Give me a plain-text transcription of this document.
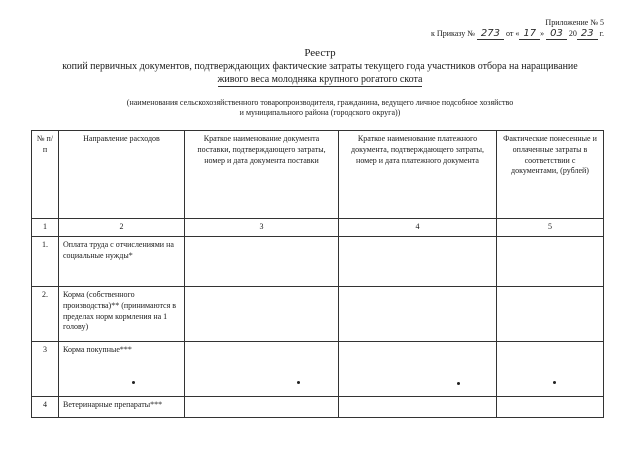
Приложение № 5
к Приказу № 273 от « 17 » 03 20 23 г.
Реестр
копий первичных документов, подтверждающих фактические затраты текущего года участников отбора на наращивание
живого веса молодняка крупного рогатого скота
(наименования сельскохозяйственного товаропроизводителя, гражданина, ведущего личное подсобное хозяйство
и муниципального района (городского округа))
№ п/п	Направление расходов	Краткое наименование документа поставки, подтверждающего затраты, номер и дата документа поставки	Краткое наименование платежного документа, подтверждающего затраты, номер и дата платежного документа	Фактические понесенные и оплаченные затраты в соответствии с документами, (рублей)
1	2	3	4	5
1.	Оплата труда с отчислениями на социальные нужды*			
2.	Корма (собственного производства)** (принимаются в пределах норм кормления на 1 голову)			
3	Корма покупные***			
4	Ветеринарные препараты***			
